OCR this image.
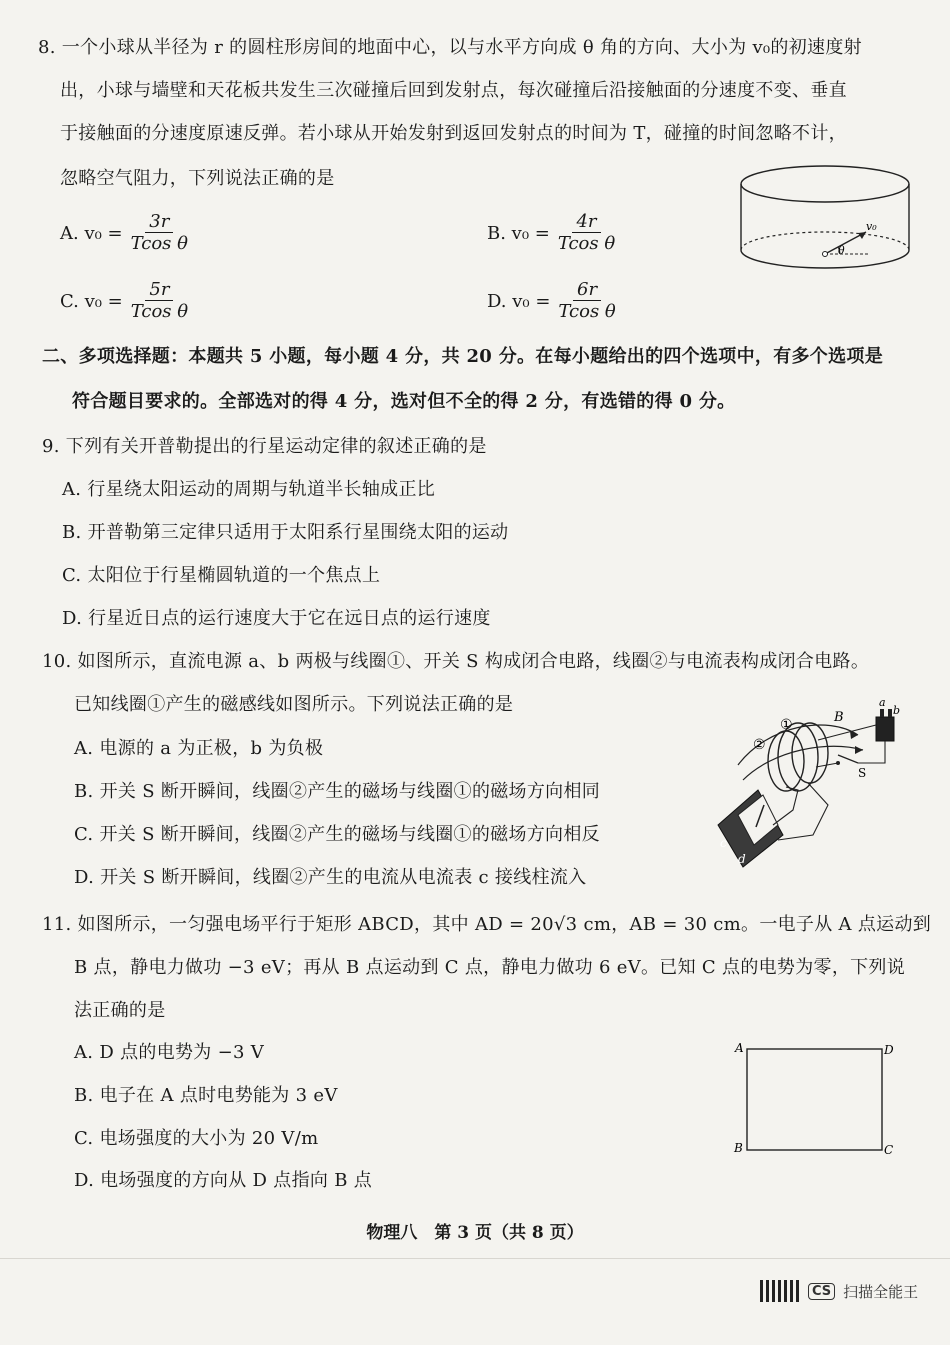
8. 一个小球从半径为 r 的圆柱形房间的地面中心，以与水平方向成 θ 角的方向、大小为 v₀的初速度射
出，小球与墙壁和天花板共发生三次碰撞后回到发射点，每次碰撞后沿接触面的分速度不变、垂直
于接触面的分速度原速反弹。若小球从开始发射到返回发射点的时间为 T，碰撞的时间忽略不计，
忽略空气阻力，下列说法正确的是
A. $v_0 = \frac{3r}{\text{Tcos θ}}$	B. $v_0 = \frac{4r}{\text{Tcos θ}}$
C. $v_0 = \frac{5r}{\text{Tcos θ}}$	D. $v_0 = \frac{6r}{\text{Tcos θ}}$
θ
v₀
二、多项选择题：本题共 5 小题，每小题 4 分，共 20 分。在每小题给出的四个选项中，有多个选项是
符合题目要求的。全部选对的得 4 分，选对但不全的得 2 分，有选错的得 0 分。
9. 下列有关开普勒提出的行星运动定律的叙述正确的是
A. 行星绕太阳运动的周期与轨道半长轴成正比
B. 开普勒第三定律只适用于太阳系行星围绕太阳的运动
C. 太阳位于行星椭圆轨道的一个焦点上
D. 行星近日点的运行速度大于它在远日点的运行速度
10. 如图所示，直流电源 a、b 两极与线圈①、开关 S 构成闭合电路，线圈②与电流表构成闭合电路。
已知线圈①产生的磁感线如图所示。下列说法正确的是
A. 电源的 a 为正极，b 为负极
B. 开关 S 断开瞬间，线圈②产生的磁场与线圈①的磁场方向相同
C. 开关 S 断开瞬间，线圈②产生的磁场与线圈①的磁场方向相反
D. 开关 S 断开瞬间，线圈②产生的电流从电流表 c 接线柱流入
B
①
②
a
b
S
c
d
11. 如图所示，一匀强电场平行于矩形 ABCD，其中 AD = 20√3 cm，AB = 30 cm。一电子从 A 点运动到
B 点，静电力做功 −3 eV；再从 B 点运动到 C 点，静电力做功 6 eV。已知 C 点的电势为零，下列说
法正确的是
A. D 点的电势为 −3 V
B. 电子在 A 点时电势能为 3 eV
C. 电场强度的大小为 20 V/m
D. 电场强度的方向从 D 点指向 B 点
A	D
B	C
物理八　第 3 页（共 8 页）
CS 扫描全能王
